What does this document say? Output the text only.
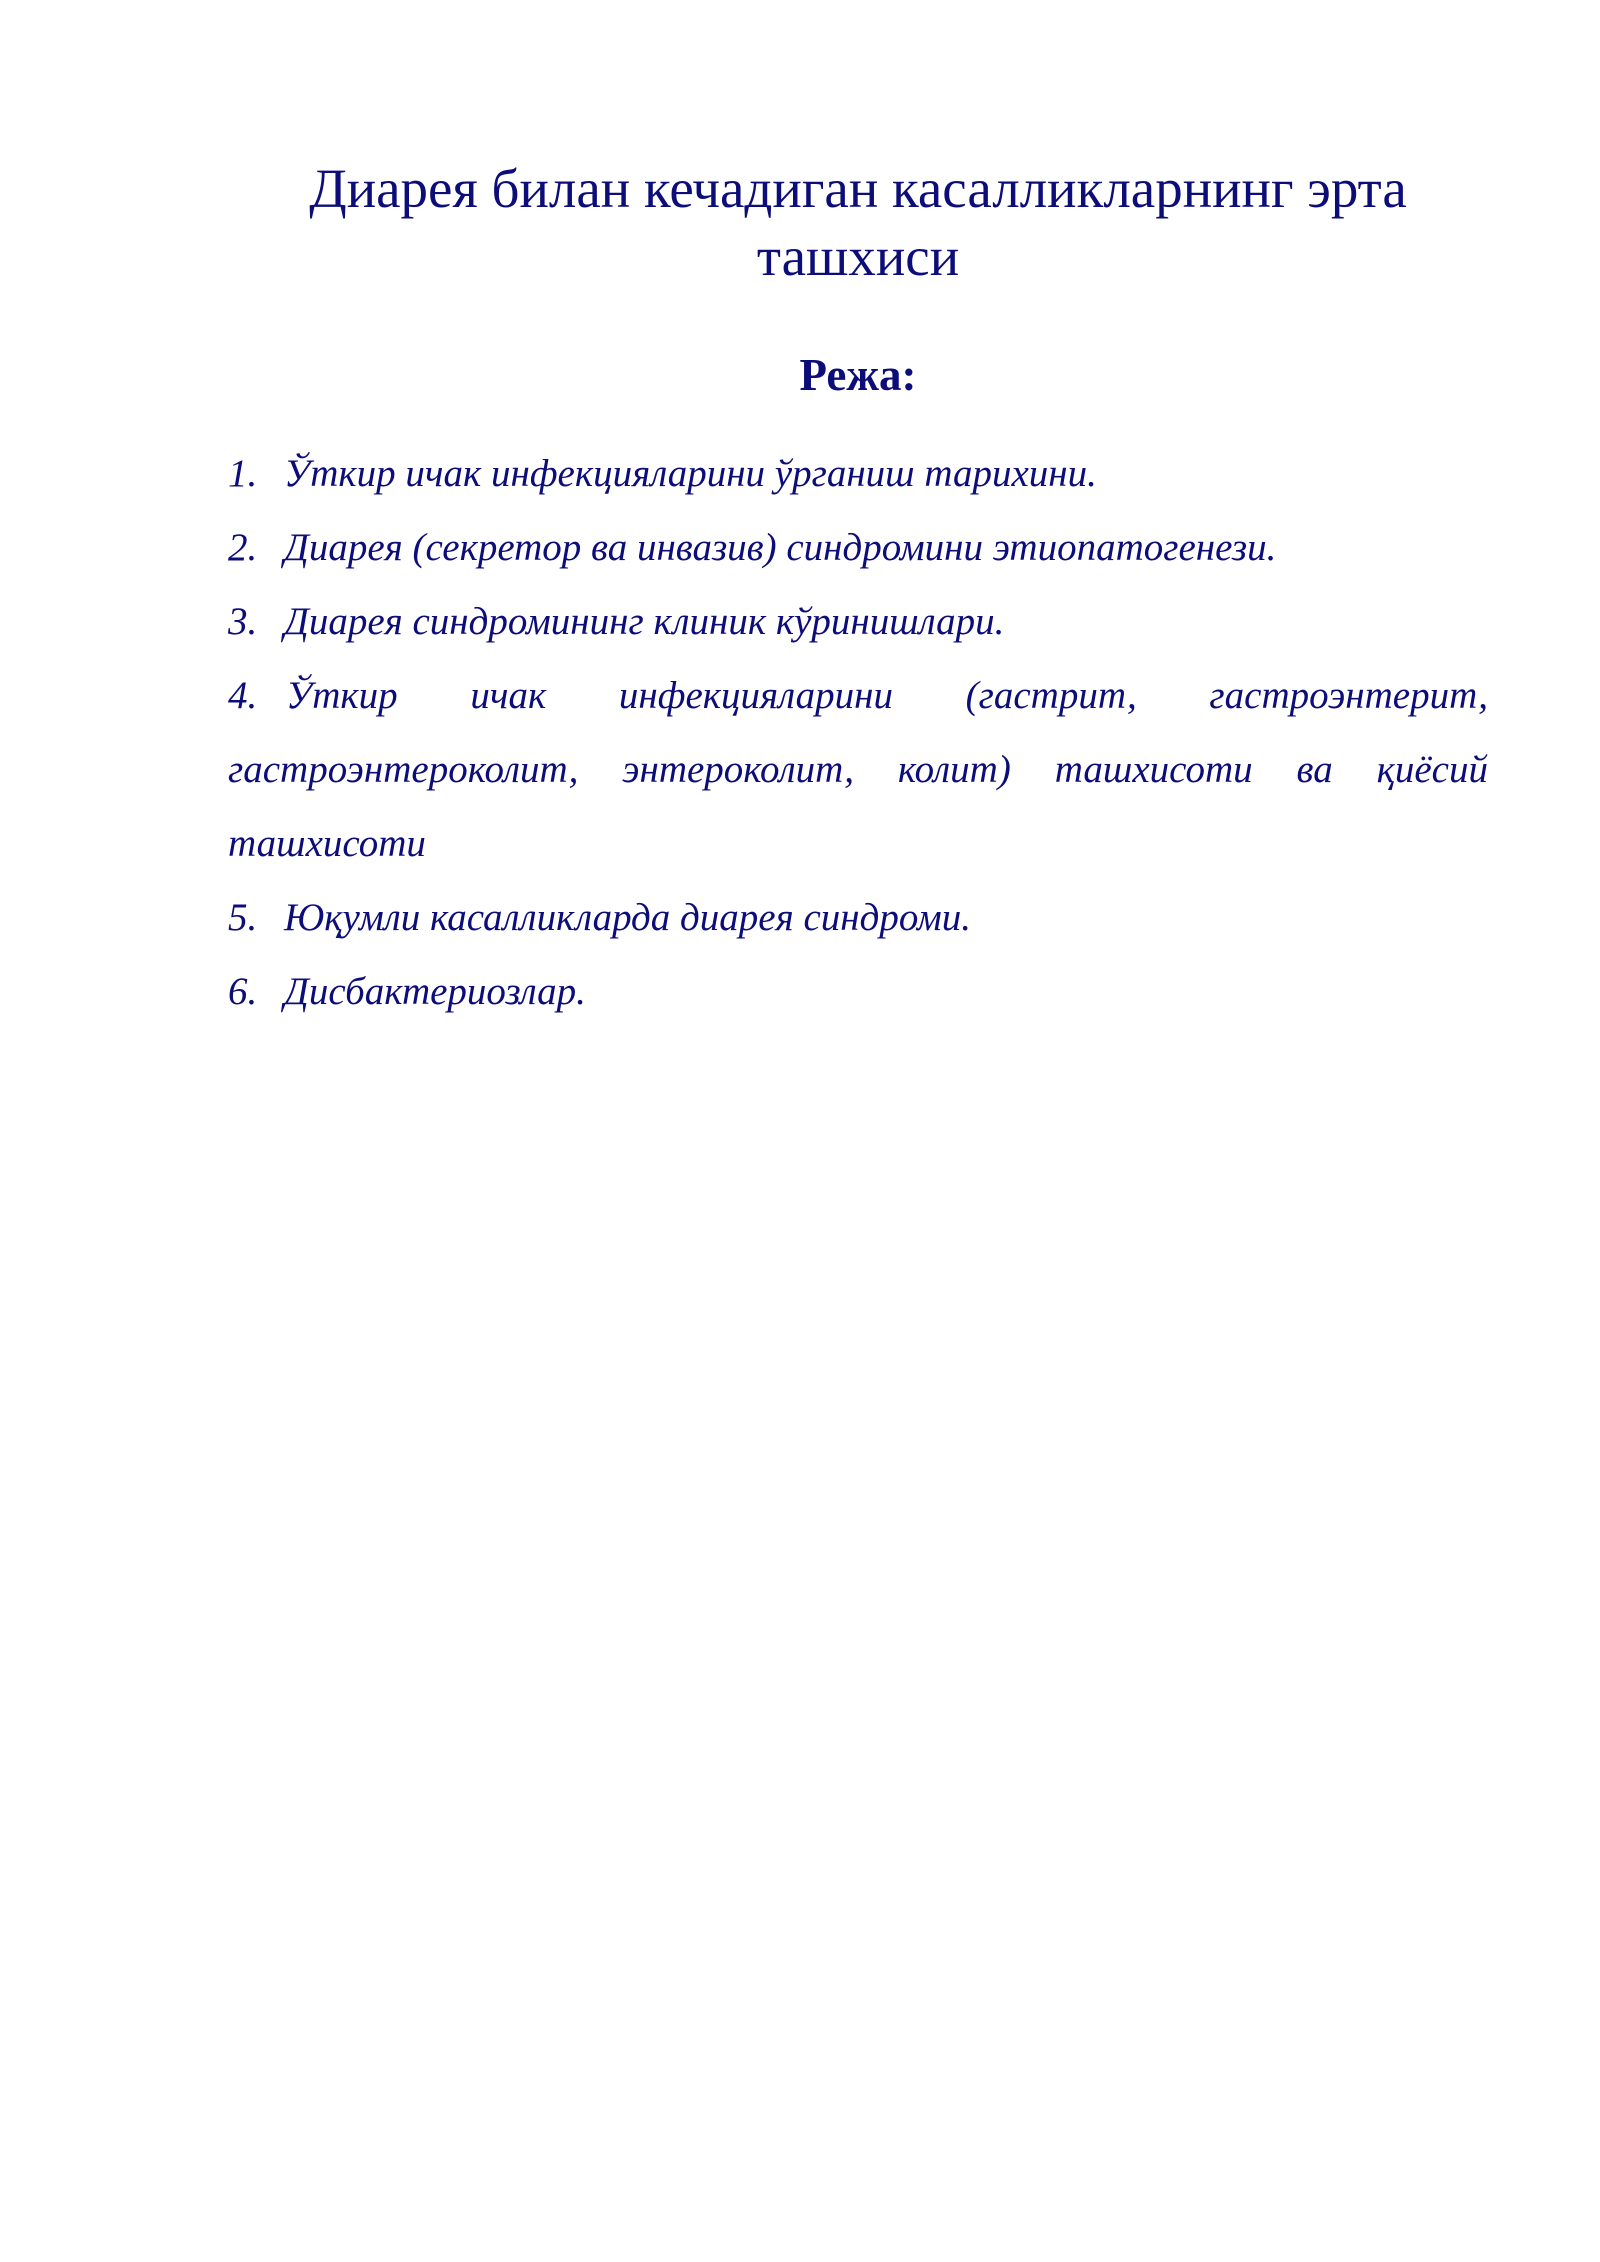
Диарея билан кечадиган касалликларнинг эрта ташхиси
Режа:
1. Ўткир ичак инфекцияларини ўрганиш тарихини.
2. Диарея (секретор ва инвазив) синдромини этиопатогенези.
3. Диарея синдромининг клиник кўринишлари.
4. Ўткир ичак инфекцияларини (гастрит, гастроэнтерит, гастроэнтероколит, энтероколит, колит) ташхисоти ва қиёсий ташхисоти
5. Юқумли касалликларда диарея синдроми.
6. Дисбактериозлар.
